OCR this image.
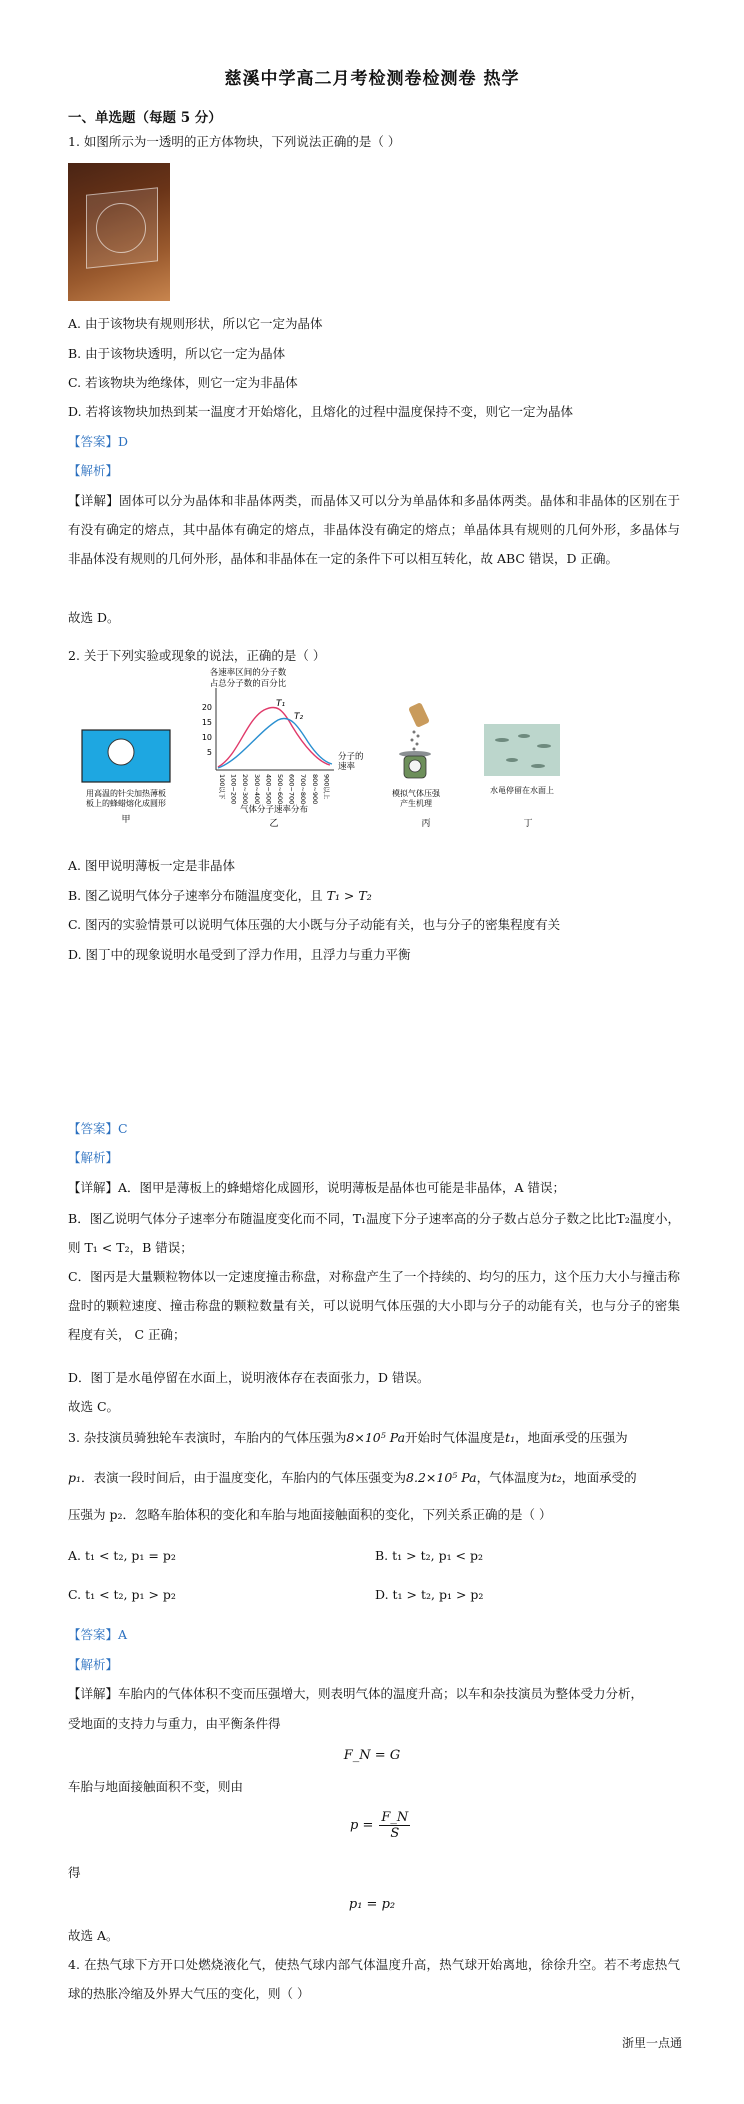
慈溪中学高二月考检测卷检测卷 热学
一、单选题（每题 5 分）
1. 如图所示为一透明的正方体物块，下列说法正确的是（ ）
A. 由于该物块有规则形状，所以它一定为晶体
B. 由于该物块透明，所以它一定为晶体
C. 若该物块为绝缘体，则它一定为非晶体
D. 若将该物块加热到某一温度才开始熔化，且熔化的过程中温度保持不变，则它一定为晶体
【答案】D
【解析】
【详解】固体可以分为晶体和非晶体两类，而晶体又可以分为单晶体和多晶体两类。晶体和非晶体的区别在于有没有确定的熔点，其中晶体有确定的熔点，非晶体没有确定的熔点；单晶体具有规则的几何外形，多晶体与非晶体没有规则的几何外形，晶体和非晶体在一定的条件下可以相互转化，故 ABC 错误，D 正确。
故选 D。
2. 关于下列实验或现象的说法，正确的是（ ）
用高温的针尖加热薄板
板上的蜂蜡熔化成圆形
甲
各速率区间的分子数
占总分子数的百分比
20
15
10
5
T₁
T₂
分子的
速率
100以下 100~200 200~300 300~400 400~500 500~600 600~700 700~800 800~900 900以上
气体分子速率分布
乙
模拟气体压强
产生机理
丙
水黾停留在水面上
丁
A. 图甲说明薄板一定是非晶体
B. 图乙说明气体分子速率分布随温度变化，且 T₁ > T₂
C. 图丙的实验情景可以说明气体压强的大小既与分子动能有关，也与分子的密集程度有关
D. 图丁中的现象说明水黾受到了浮力作用，且浮力与重力平衡
【答案】C
【解析】
【详解】A．图甲是薄板上的蜂蜡熔化成圆形，说明薄板是晶体也可能是非晶体，A 错误；
B．图乙说明气体分子速率分布随温度变化而不同，T₁温度下分子速率高的分子数占总分子数之比比T₂温度小，则 T₁ < T₂，B 错误；
C．图丙是大量颗粒物体以一定速度撞击称盘，对称盘产生了一个持续的、均匀的压力，这个压力大小与撞击称盘时的颗粒速度、撞击称盘的颗粒数量有关，可以说明气体压强的大小即与分子的动能有关，也与分子的密集程度有关， C 正确；
D．图丁是水黾停留在水面上，说明液体存在表面张力，D 错误。
故选 C。
3. 杂技演员骑独轮车表演时，车胎内的气体压强为8×10⁵ Pa开始时气体温度是t₁，地面承受的压强为
p₁．表演一段时间后，由于温度变化，车胎内的气体压强变为8.2×10⁵ Pa，气体温度为t₂，地面承受的
压强为 p₂．忽略车胎体积的变化和车胎与地面接触面积的变化，下列关系正确的是（ ）
A. t₁ < t₂, p₁ = p₂	B. t₁ > t₂, p₁ < p₂
C. t₁ < t₂, p₁ > p₂	D. t₁ > t₂, p₁ > p₂
【答案】A
【解析】
【详解】车胎内的气体体积不变而压强增大，则表明气体的温度升高；以车和杂技演员为整体受力分析，
受地面的支持力与重力，由平衡条件得
F_N = G
车胎与地面接触面积不变，则由
$p = \frac{F\_N}{S}$
得
p₁ = p₂
故选 A。
4. 在热气球下方开口处燃烧液化气，使热气球内部气体温度升高，热气球开始离地，徐徐升空。若不考虑热气球的热胀冷缩及外界大气压的变化，则（ ）
浙里一点通
